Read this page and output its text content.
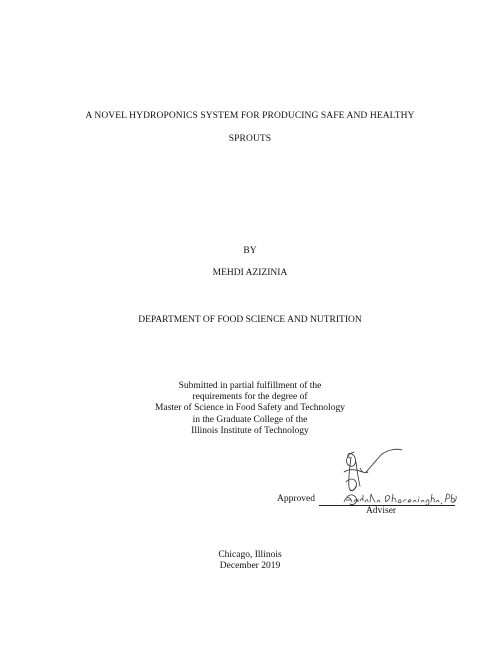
A NOVEL HYDROPONICS SYSTEM FOR PRODUCING SAFE AND HEALTHY
SPROUTS
BY
MEHDI AZIZINIA
DEPARTMENT OF FOOD SCIENCE AND NUTRITION
Submitted in partial fulfillment of the
requirements for the degree of
Master of Science in Food Safety and Technology
in the Graduate College of the
Illinois Institute of Technology
Approved
Adviser
Chicago, Illinois
December 2019
